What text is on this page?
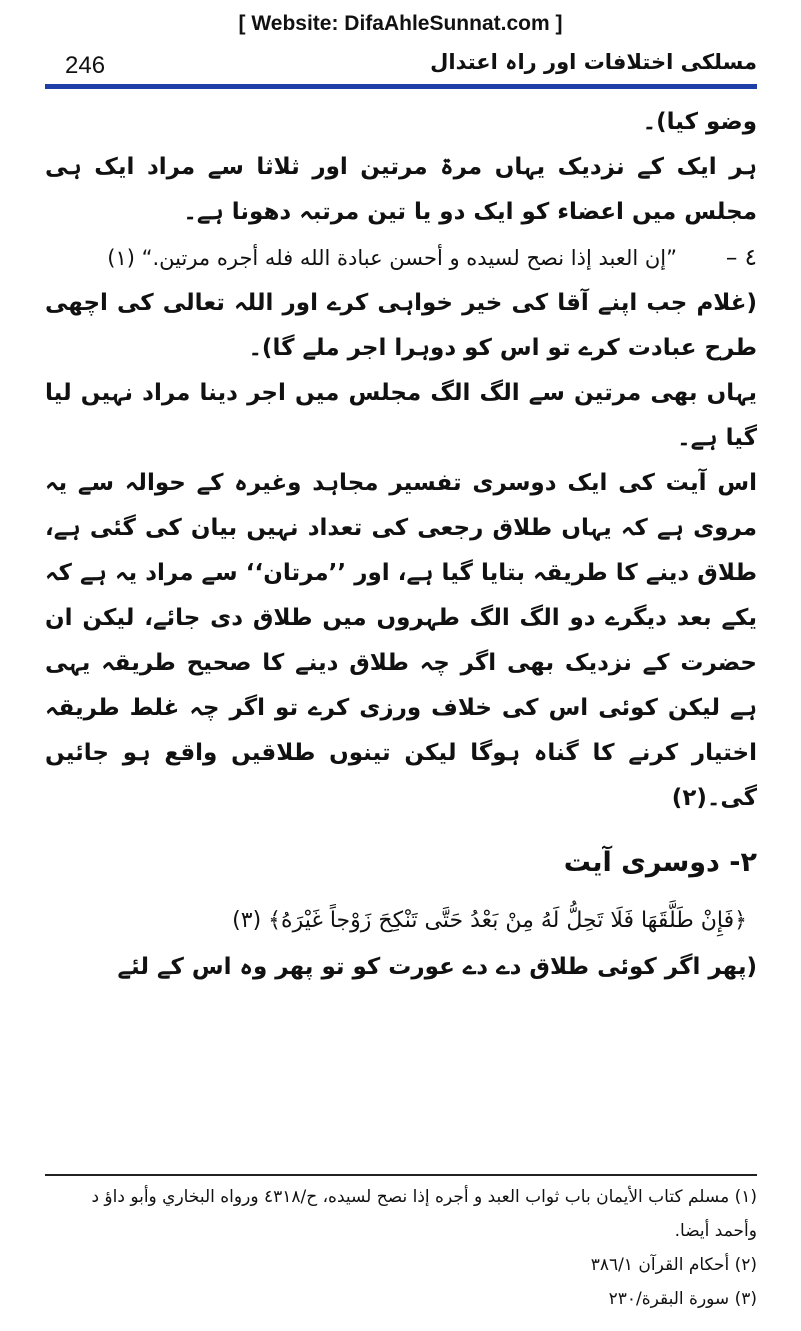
[ Website: DifaAhleSunnat.com ]
246	مسلکی اختلافات اور راہ اعتدال

وضو کیا)۔

ہر ایک کے نزدیک یہاں مرۃ مرتین اور ثلاثا سے مراد ایک ہی مجلس میں اعضاء کو ایک دو یا تین مرتبہ دھونا ہے۔

٤ –

”إن العبد إذا نصح لسيده و أحسن عبادة الله فله أجره مرتين.“ (١)

(غلام جب اپنے آقا کی خیر خواہی کرے اور اللہ تعالی کی اچھی طرح عبادت کرے تو اس کو دوہرا اجر ملے گا)۔

یہاں بھی مرتین سے الگ الگ مجلس میں اجر دینا مراد نہیں لیا گیا ہے۔

اس آیت کی ایک دوسری تفسیر مجاہد وغیرہ کے حوالہ سے یہ مروی ہے کہ یہاں طلاق رجعی کی تعداد نہیں بیان کی گئی ہے، طلاق دینے کا طریقہ بتایا گیا ہے، اور ’’مرتان‘‘ سے مراد یہ ہے کہ یکے بعد دیگرے دو الگ الگ طہروں میں طلاق دی جائے، لیکن ان حضرت کے نزدیک بھی اگر چہ طلاق دینے کا صحیح طریقہ یہی ہے لیکن کوئی اس کی خلاف ورزی کرے تو اگر چہ غلط طریقہ اختیار کرنے کا گناہ ہوگا لیکن تینوں طلاقیں واقع ہو جائیں گی۔(٢)

۲- دوسری آیت

﴿فَإِنْ طَلَّقَهَا فَلَا تَحِلُّ لَهُ مِنْ بَعْدُ حَتَّى تَنْكِحَ زَوْجاً غَيْرَهُ﴾ (٣)

(پھر اگر کوئی طلاق دے دے عورت کو تو پھر وہ اس کے لئے

(١) مسلم كتاب الأيمان باب ثواب العبد و أجره إذا نصح لسيده، ح/٤٣١٨ ورواه البخاري وأبو داؤ د وأحمد أيضا.

(٢) أحكام القرآن ٣٨٦/١

(٣) سورة البقرة/٢٣٠
